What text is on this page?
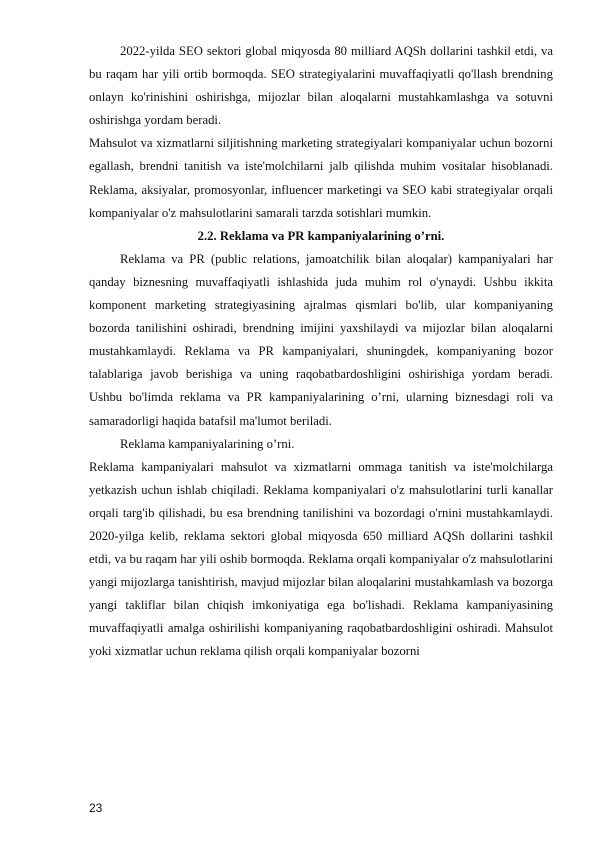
2022-yilda SEO sektori global miqyosda 80 milliard AQSh dollarini tashkil etdi, va bu raqam har yili ortib bormoqda. SEO strategiyalarini muvaffaqiyatli qo'llash brendning onlayn ko'rinishini oshirishga, mijozlar bilan aloqalarni mustahkamlashga va sotuvni oshirishga yordam beradi.

Mahsulot va xizmatlarni siljitishning marketing strategiyalari kompaniyalar uchun bozorni egallash, brendni tanitish va iste'molchilarni jalb qilishda muhim vositalar hisoblanadi. Reklama, aksiyalar, promosyonlar, influencer marketingi va SEO kabi strategiyalar orqali kompaniyalar o'z mahsulotlarini samarali tarzda sotishlari mumkin.

2.2. Reklama va PR kampaniyalarining o’rni.

Reklama va PR (public relations, jamoatchilik bilan aloqalar) kampaniyalari har qanday biznesning muvaffaqiyatli ishlashida juda muhim rol o'ynaydi. Ushbu ikkita komponent marketing strategiyasining ajralmas qismlari bo'lib, ular kompaniyaning bozorda tanilishini oshiradi, brendning imijini yaxshilaydi va mijozlar bilan aloqalarni mustahkamlaydi. Reklama va PR kampaniyalari, shuningdek, kompaniyaning bozor talablariga javob berishiga va uning raqobatbardoshligini oshirishiga yordam beradi. Ushbu bo'limda reklama va PR kampaniyalarining o’rni, ularning biznesdagi roli va samaradorligi haqida batafsil ma'lumot beriladi.

Reklama kampaniyalarining o’rni.

Reklama kampaniyalari mahsulot va xizmatlarni ommaga tanitish va iste'molchilarga yetkazish uchun ishlab chiqiladi. Reklama kompaniyalari o'z mahsulotlarini turli kanallar orqali targ'ib qilishadi, bu esa brendning tanilishini va bozordagi o'rnini mustahkamlaydi. 2020-yilga kelib, reklama sektori global miqyosda 650 milliard AQSh dollarini tashkil etdi, va bu raqam har yili oshib bormoqda. Reklama orqali kompaniyalar o'z mahsulotlarini yangi mijozlarga tanishtirish, mavjud mijozlar bilan aloqalarini mustahkamlash va bozorga yangi takliflar bilan chiqish imkoniyatiga ega bo'lishadi. Reklama kampaniyasining muvaffaqiyatli amalga oshirilishi kompaniyaning raqobatbardoshligini oshiradi. Mahsulot yoki xizmatlar uchun reklama qilish orqali kompaniyalar bozorni

23
